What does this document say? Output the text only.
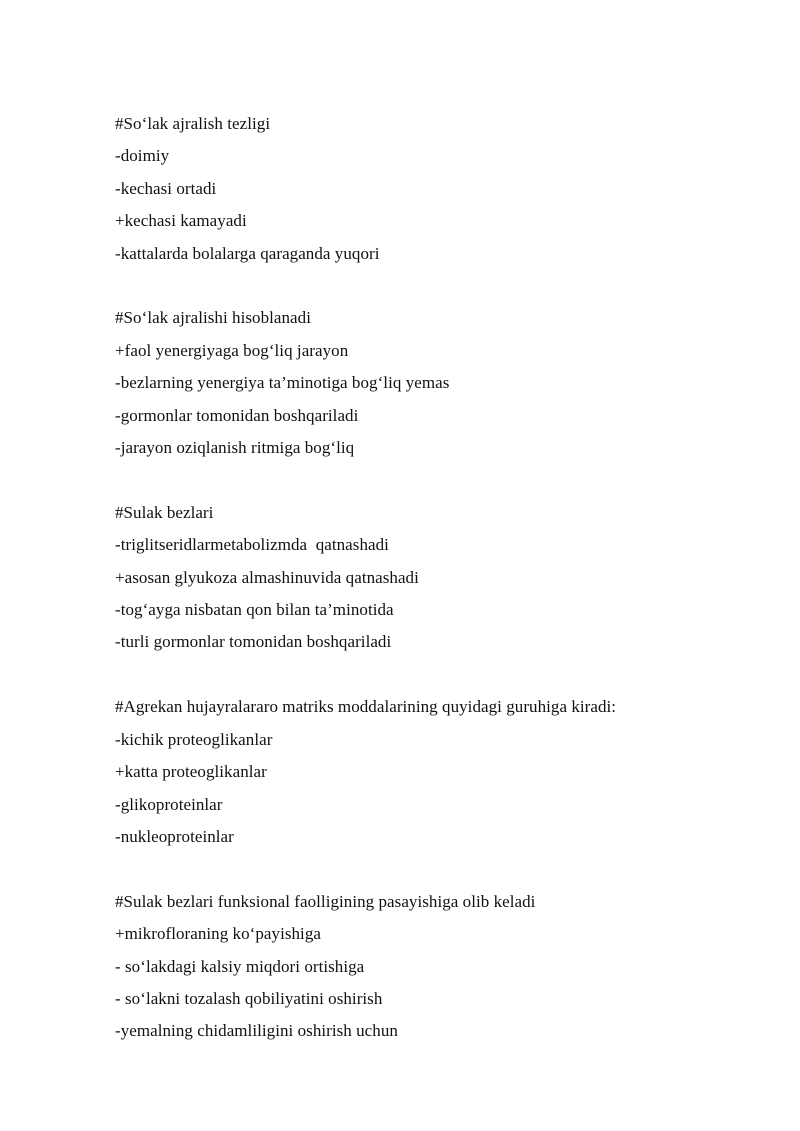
#So‘lak ajralish tezligi
-doimiy
-kechasi ortadi
+kechasi kamayadi
-kattalarda bolalarga qaraganda yuqori
#So‘lak ajralishi hisoblanadi
+faol yenergiyaga bog‘liq jarayon
-bezlarning yenergiya ta’minotiga bog‘liq yemas
-gormonlar tomonidan boshqariladi
-jarayon oziqlanish ritmiga bog‘liq
#Sulak bezlari
-triglitseridlarmetabolizmda  qatnashadi
+asosan glyukoza almashinuvida qatnashadi
-tog‘ayga nisbatan qon bilan ta’minotida
-turli gormonlar tomonidan boshqariladi
#Agrekan hujayralararo matriks moddalarining quyidagi guruhiga kiradi:
-kichik proteoglikanlar
+katta proteoglikanlar
-glikoproteinlar
-nukleoproteinlar
#Sulak bezlari funksional faolligining pasayishiga olib keladi
+mikrofloraning ko‘payishiga
- so‘lakdagi kalsiy miqdori ortishiga
- so‘lakni tozalash qobiliyatini oshirish
-yemalning chidamliligini oshirish uchun
